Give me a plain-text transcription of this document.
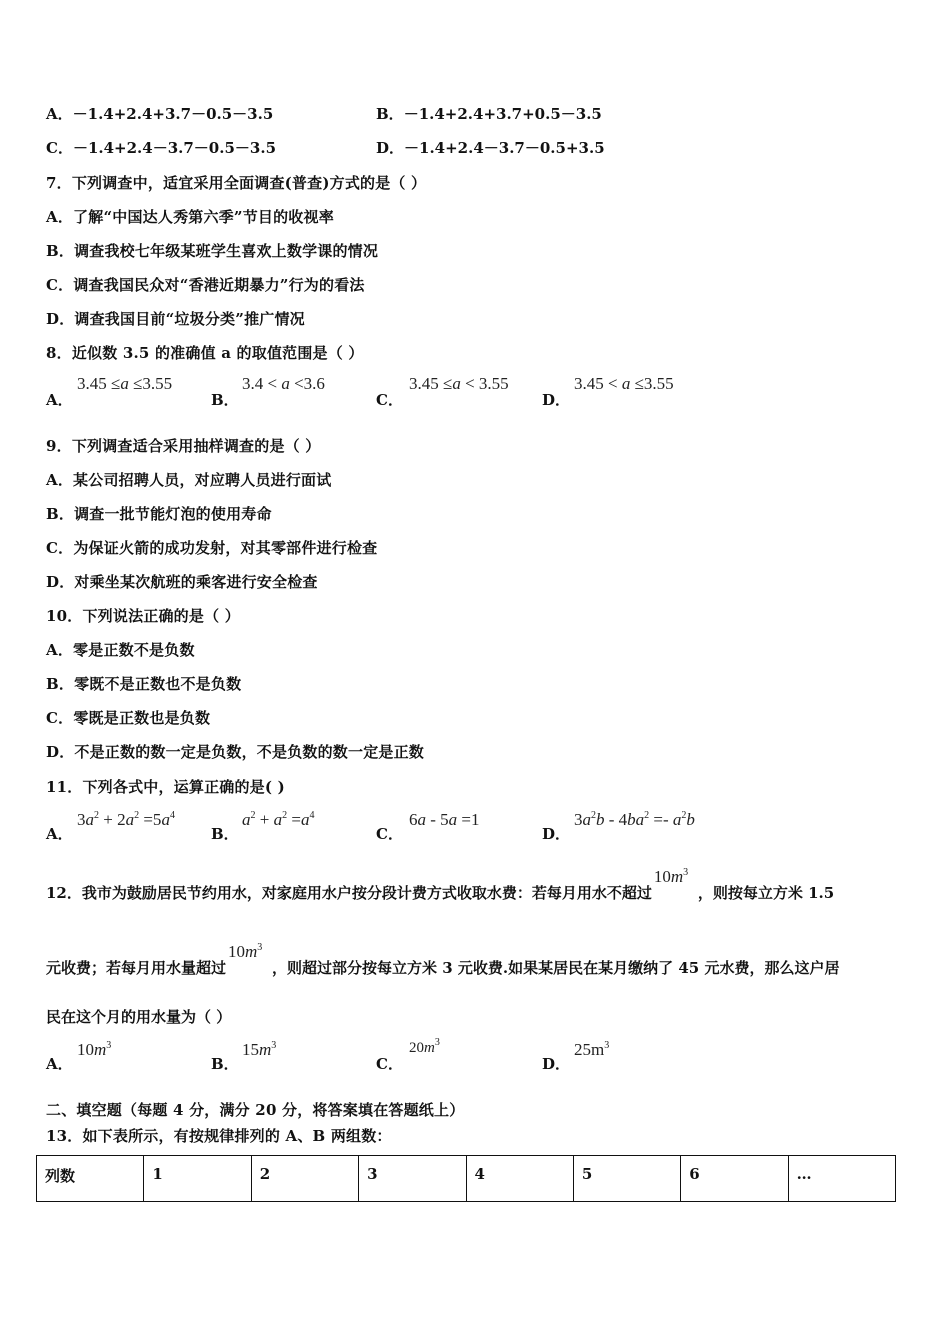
A．－1.4+2.4+3.7－0.5－3.5	B．－1.4+2.4+3.7+0.5－3.5
C．－1.4+2.4－3.7－0.5－3.5	D．－1.4+2.4－3.7－0.5+3.5
7．下列调查中，适宜采用全面调查(普查)方式的是（ ）
A．了解“中国达人秀第六季”节目的收视率
B．调查我校七年级某班学生喜欢上数学课的情况
C．调查我国民众对“香港近期暴力”行为的看法
D．调查我国目前“垃圾分类”推广情况
8．近似数 3.5 的准确值 a 的取值范围是（ ）
A．
3.45 ≤a ≤3.55
B．
3.4 < a <3.6
C．
3.45 ≤a < 3.55
D．
3.45 < a ≤3.55
9．下列调查适合采用抽样调查的是（ ）
A．某公司招聘人员，对应聘人员进行面试
B．调查一批节能灯泡的使用寿命
C．为保证火箭的成功发射，对其零部件进行检查
D．对乘坐某次航班的乘客进行安全检查
10．下列说法正确的是（ ）
A．零是正数不是负数
B．零既不是正数也不是负数
C．零既是正数也是负数
D．不是正数的数一定是负数，不是负数的数一定是正数
11．下列各式中，运算正确的是( )
A．
$3a^2 + 2a^2 =5a^4$
B．
$a^2 + a^2 =a^4$
C．
6a - 5a =1
D．
$3a^2b - 4ba^2 =- a^2b$
12．我市为鼓励居民节约用水，对家庭用水户按分段计费方式收取水费：若每月用水不超过
$10m^3$
，则按每立方米 1.5
元收费；若每月用水量超过
$10m^3$
，则超过部分按每立方米 3 元收费.如果某居民在某月缴纳了 45 元水费，那么这户居
民在这个月的用水量为（ ）
A．
$10m^3$
B．
$15m^3$
C．
$20m^3$
D．
$25m^3$
二、填空题（每题 4 分，满分 20 分，将答案填在答题纸上）
13．如下表所示，有按规律排列的 A、B 两组数：
列数	1	2	3	4	5	6	…
